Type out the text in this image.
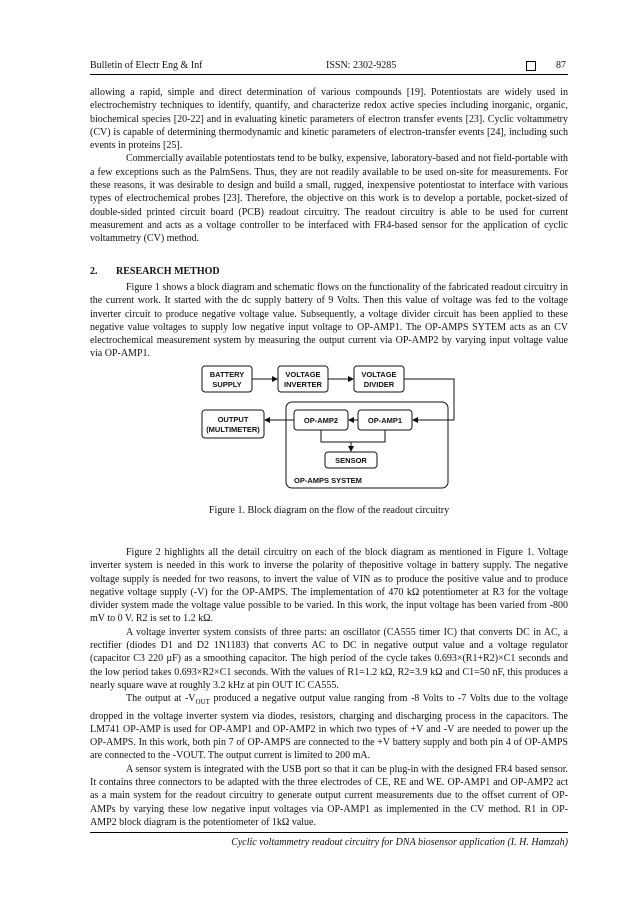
Bulletin of Electr Eng & Inf	ISSN: 2302-9285	87

allowing a rapid, simple and direct determination of various compounds [19]. Potentiostats are widely used in electrochemistry techniques to identify, quantify, and characterize redox active species including inorganic, organic, biochemical species [20-22] and in evaluating kinetic parameters of electron transfer events [23]. Cyclic voltammetry (CV) is capable of determining thermodynamic and kinetic parameters of electron-transfer events [24], including such events in proteins [25].

Commercially available potentiostats tend to be bulky, expensive, laboratory-based and not field-portable with a few exceptions such as the PalmSens. Thus, they are not readily available to be used on-site for measurements. For these reasons, it was desirable to design and build a small, rugged, inexpensive potentiostat to interface with various types of electrochemical probes [23]. Therefore, the objective on this work is to develop a portable, pocket-sized of double-sided printed circuit board (PCB) readout circuitry. The readout circuitry is able to be used for current measurement and acts as a voltage controller to be interfaced with FR4-based sensor for the application of cyclic voltammetry (CV) method.

2. RESEARCH METHOD

Figure 1 shows a block diagram and schematic flows on the functionality of the fabricated readout circuitry in the current work. It started with the dc supply battery of 9 Volts. Then this value of voltage was fed to the voltage inverter circuit to produce negative voltage value. Subsequently, a voltage divider circuit has been applied to these negative value voltages to supply low negative input voltage to OP-AMP1. The OP-AMPS SYTEM acts as an CV electrochemical measurement system by measuring the output current via OP-AMP2 by varying input voltage value via OP-AMP1.

BATTERY
SUPPLY
VOLTAGE
INVERTER
VOLTAGE
DIVIDER
OUTPUT
(MULTIMETER)
OP-AMP2	OP-AMP1
SENSOR
OP-AMPS SYSTEM
Figure 1. Block diagram on the flow of the readout circuitry

Figure 2 highlights all the detail circuitry on each of the block diagram as mentioned in Figure 1. Voltage inverter system is needed in this work to inverse the polarity of thepositive voltage in battery supply. The negative voltage supply is needed for two reasons, to invert the value of VIN as to produce the positive value and to produce negative voltage supply (-V) for the OP-AMPS. The implementation of 470 kΩ potentiometer at R3 for the voltage divider system made the voltage value possible to be varied. In this work, the input voltage has been varied from -800 mV to 0 V. R2 is set to 1.2 kΩ.

A voltage inverter system consists of three parts: an oscillator (CA555 timer IC) that converts DC in AC, a rectifier (diodes D1 and D2 1N1183) that converts AC to DC in negative output value and a voltage regulator (capacitor C3 220 µF) as a smoothing capacitor. The high period of the cycle takes 0.693×(R1+R2)×C1 seconds and the low period takes 0.693×R2×C1 seconds. With the values of R1=1.2 kΩ, R2=3.9 kΩ and C1=50 nF, this produces a nearly square wave at roughly 3.2 kHz at pin OUT IC CA555.

The output at $-V_{OUT}$ produced a negative output value ranging from -8 Volts to -7 Volts due to the voltage dropped in the voltage inverter system via diodes, resistors, charging and discharging process in the capacitors. The LM741 OP-AMP is used for OP-AMP1 and OP-AMP2 in which two types of +V and -V are needed to power up the OP-AMPS. In this work, both pin 7 of OP-AMPS are connected to the +V battery supply and both pin 4 of OP-AMPS are connected to the -VOUT. The output current is limited to 200 mA.

A sensor system is integrated with the USB port so that it can be plug-in with the designed FR4 based sensor. It contains three connectors to be adapted with the three electrodes of CE, RE and WE. OP-AMP1 and OP-AMP2 act as a main system for the readout circuitry to generate output current measurements due to the offset current of OP-AMPs by varying these low negative input voltages via OP-AMP1 as implemented in the CV method. R1 in OP-AMP2 block diagram is the potentiometer of 1kΩ value.

Cyclic voltammetry readout circuitry for DNA biosensor application (I. H. Hamzah)
